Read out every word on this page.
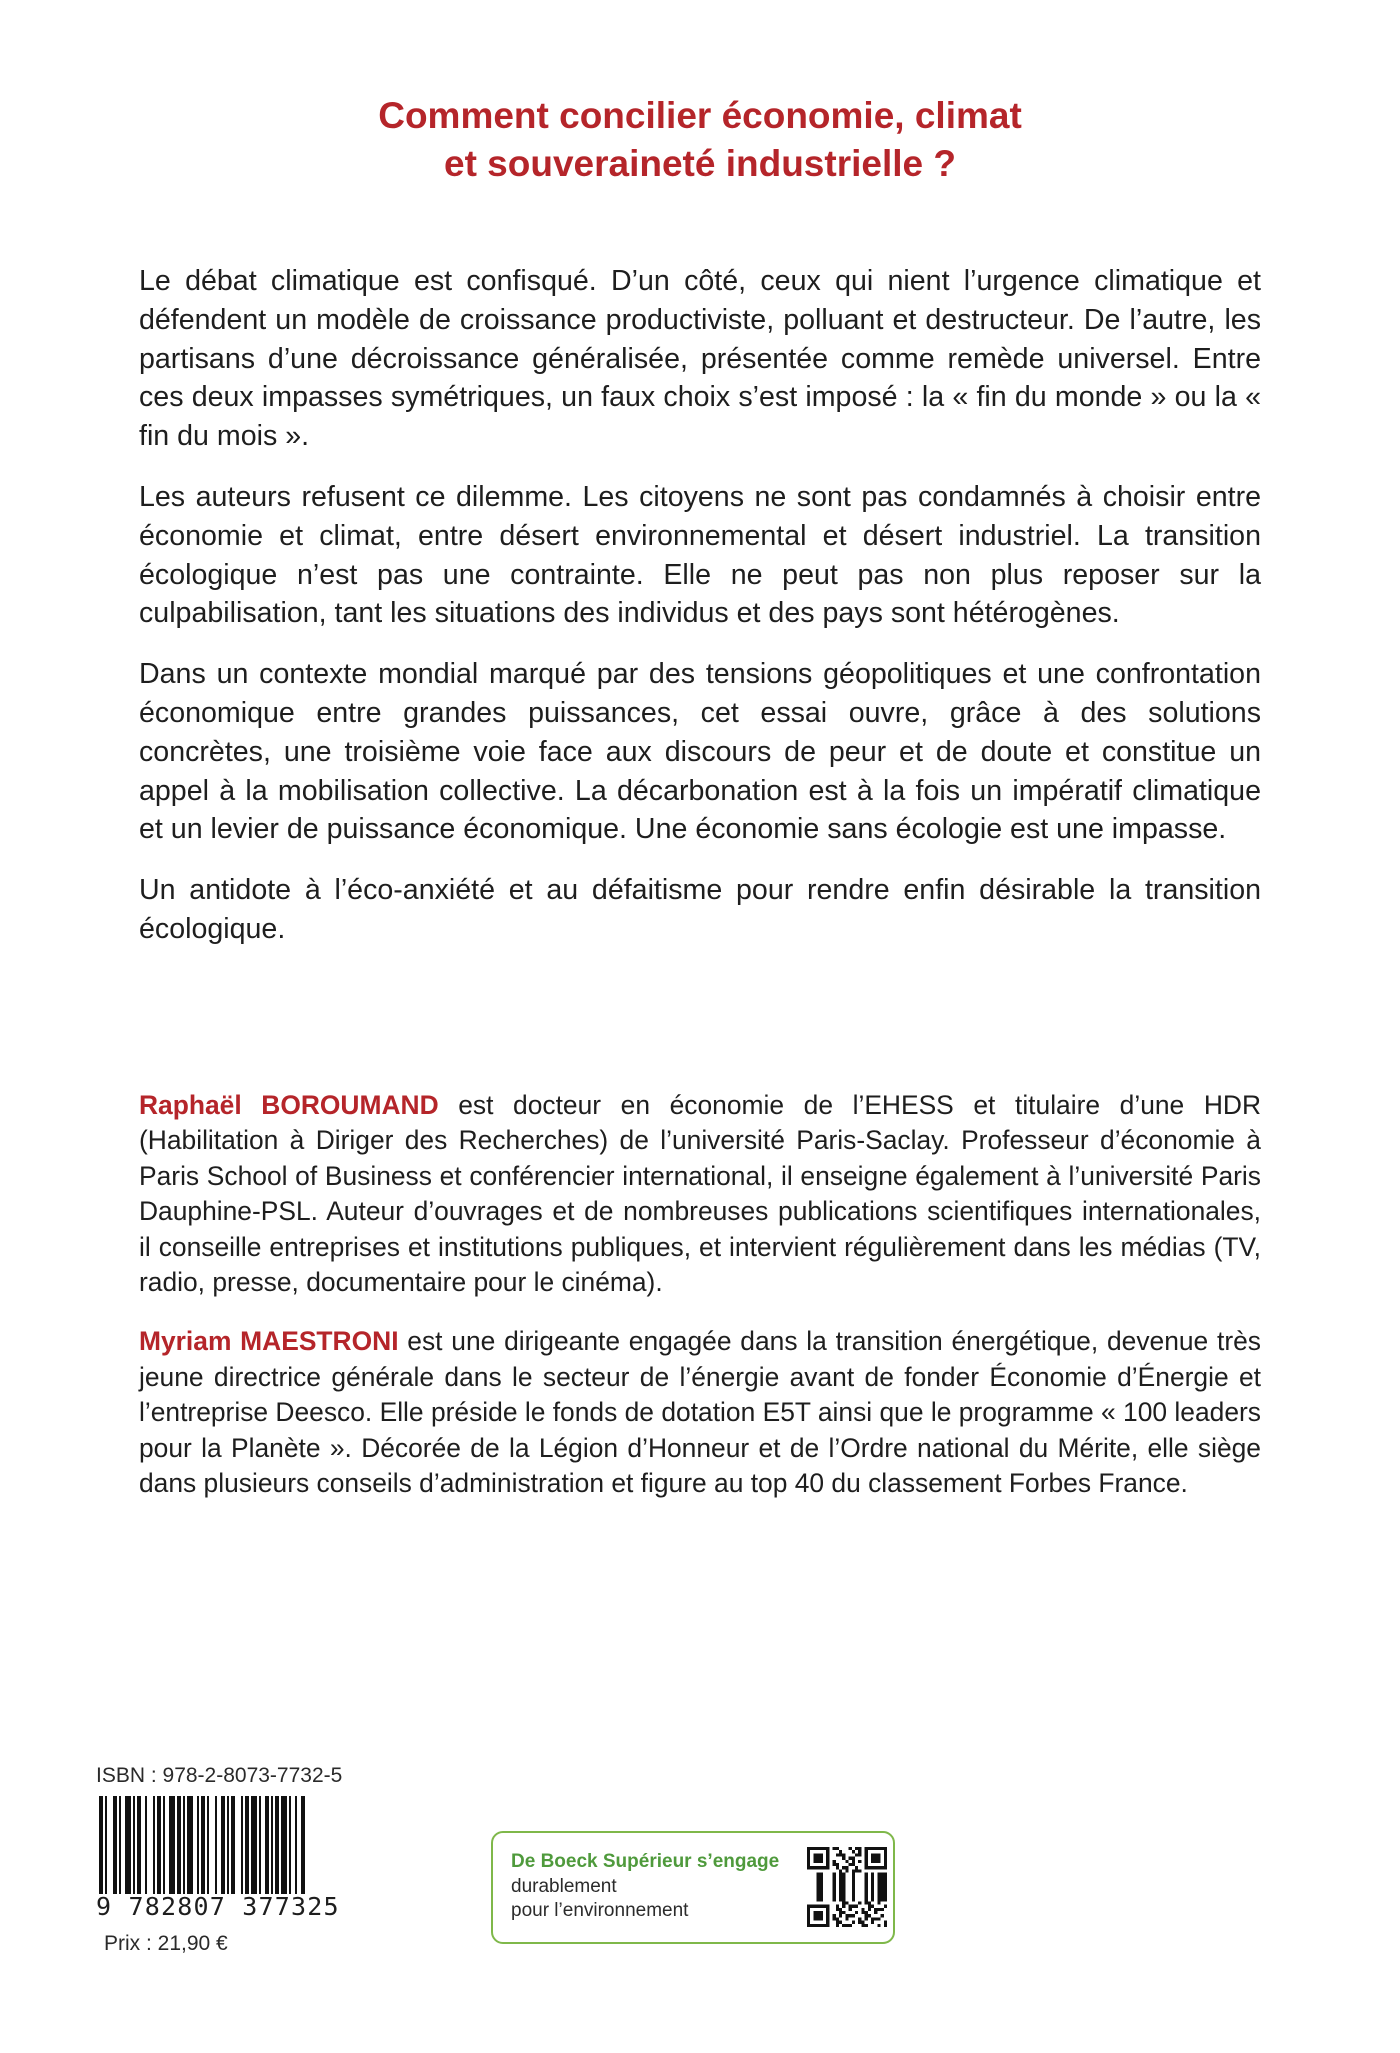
Comment concilier économie, climat
et souveraineté industrielle ?

Le débat climatique est confisqué. D’un côté, ceux qui nient l’urgence climatique et défendent un modèle de croissance productiviste, polluant et destructeur. De l’autre, les partisans d’une décroissance généralisée, présentée comme remède universel. Entre ces deux impasses symétriques, un faux choix s’est imposé : la « fin du monde » ou la « fin du mois ».

Les auteurs refusent ce dilemme. Les citoyens ne sont pas condamnés à choisir entre économie et climat, entre désert environnemental et désert industriel. La transition écologique n’est pas une contrainte. Elle ne peut pas non plus reposer sur la culpabilisation, tant les situations des individus et des pays sont hétérogènes.

Dans un contexte mondial marqué par des tensions géopolitiques et une confrontation économique entre grandes puissances, cet essai ouvre, grâce à des solutions concrètes, une troisième voie face aux discours de peur et de doute et constitue un appel à la mobilisation collective. La décarbonation est à la fois un impératif climatique et un levier de puissance économique. Une économie sans écologie est une impasse.

Un antidote à l’éco-anxiété et au défaitisme pour rendre enfin désirable la transition écologique.

Raphaël BOROUMAND est docteur en économie de l’EHESS et titulaire d’une HDR (Habilitation à Diriger des Recherches) de l’université Paris-Saclay. Professeur d’économie à Paris School of Business et conférencier international, il enseigne également à l’université Paris Dauphine-PSL. Auteur d’ouvrages et de nombreuses publications scientifiques internationales, il conseille entreprises et institutions publiques, et intervient régulièrement dans les médias (TV, radio, presse, documentaire pour le cinéma).

Myriam MAESTRONI est une dirigeante engagée dans la transition énergétique, devenue très jeune directrice générale dans le secteur de l’énergie avant de fonder Économie d’Énergie et l’entreprise Deesco. Elle préside le fonds de dotation E5T ainsi que le programme « 100 leaders pour la Planète ». Décorée de la Légion d’Honneur et de l’Ordre national du Mérite, elle siège dans plusieurs conseils d’administration et figure au top 40 du classement Forbes France.

ISBN : 978-2-8073-7732-5
9 782807 377325
Prix : 21,90 €
De Boeck Supérieur s’engage
durablement
pour l’environnement
